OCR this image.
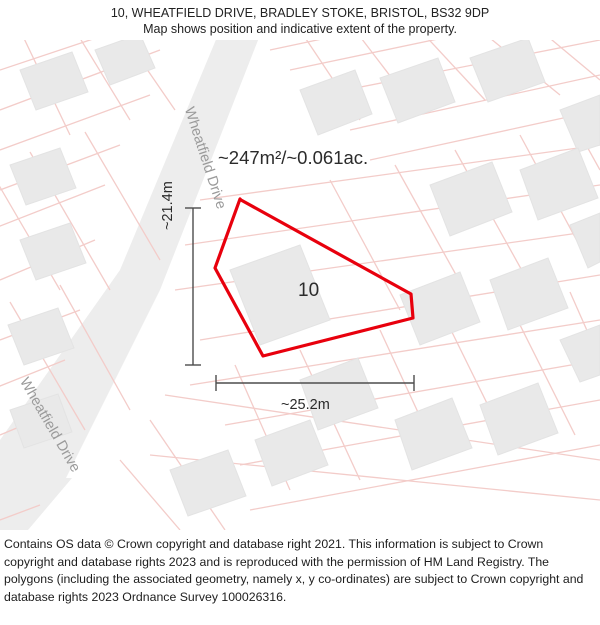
10, WHEATFIELD DRIVE, BRADLEY STOKE, BRISTOL, BS32 9DP
Map shows position and indicative extent of the property.
~247m²/~0.061ac.
10
~25.2m
~21.4m Wheatfield Drive
Wheatfield Drive

Contains OS data © Crown copyright and database right 2021. This information is subject to Crown copyright and database rights 2023 and is reproduced with the permission of HM Land Registry. The polygons (including the associated geometry, namely x, y co-ordinates) are subject to Crown copyright and database rights 2023 Ordnance Survey 100026316.
